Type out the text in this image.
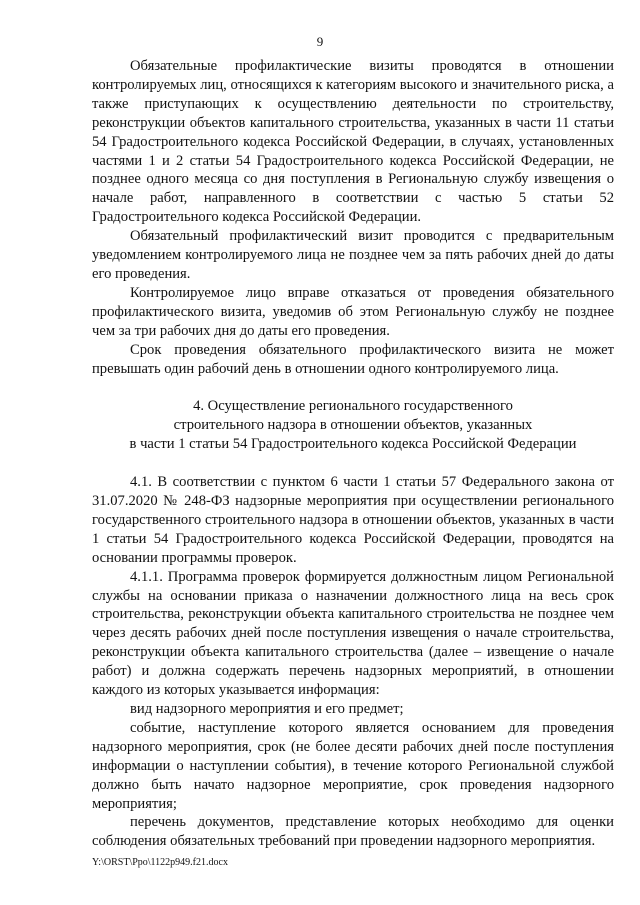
9

Обязательные профилактические визиты проводятся в отношении контролируемых лиц, относящихся к категориям высокого и значительного риска, а также приступающих к осуществлению деятельности по строительству, реконструкции объектов капитального строительства, указанных в части 11 статьи 54 Градостроительного кодекса Российской Федерации, в случаях, установленных частями 1 и 2 статьи 54 Градостроительного кодекса Российской Федерации, не позднее одного месяца со дня поступления в Региональную службу извещения о начале работ, направленного в соответствии с частью 5 статьи 52 Градостроительного кодекса Российской Федерации.

Обязательный профилактический визит проводится с предварительным уведомлением контролируемого лица не позднее чем за пять рабочих дней до даты его проведения.

Контролируемое лицо вправе отказаться от проведения обязательного профилактического визита, уведомив об этом Региональную службу не позднее чем за три рабочих дня до даты его проведения.

Срок проведения обязательного профилактического визита не может превышать один рабочий день в отношении одного контролируемого лица.

4. Осуществление регионального государственного
строительного надзора в отношении объектов, указанных
в части 1 статьи 54 Градостроительного кодекса Российской Федерации

4.1. В соответствии с пунктом 6 части 1 статьи 57 Федерального закона от 31.07.2020 № 248-ФЗ надзорные мероприятия при осуществлении регионального государственного строительного надзора в отношении объектов, указанных в части 1 статьи 54 Градостроительного кодекса Российской Федерации, проводятся на основании программы проверок.

4.1.1. Программа проверок формируется должностным лицом Региональной службы на основании приказа о назначении должностного лица на весь срок строительства, реконструкции объекта капитального строительства не позднее чем через десять рабочих дней после поступления извещения о начале строительства, реконструкции объекта капитального строительства (далее – извещение о начале работ) и должна содержать перечень надзорных мероприятий, в отношении каждого из которых указывается информация:

вид надзорного мероприятия и его предмет;

событие, наступление которого является основанием для проведения надзорного мероприятия, срок (не более десяти рабочих дней после поступления информации о наступлении события), в течение которого Региональной службой должно быть начато надзорное мероприятие, срок проведения надзорного мероприятия;

перечень документов, представление которых необходимо для оценки соблюдения обязательных требований при проведении надзорного мероприятия.

Y:\ORST\Ppo\1122p949.f21.docx
